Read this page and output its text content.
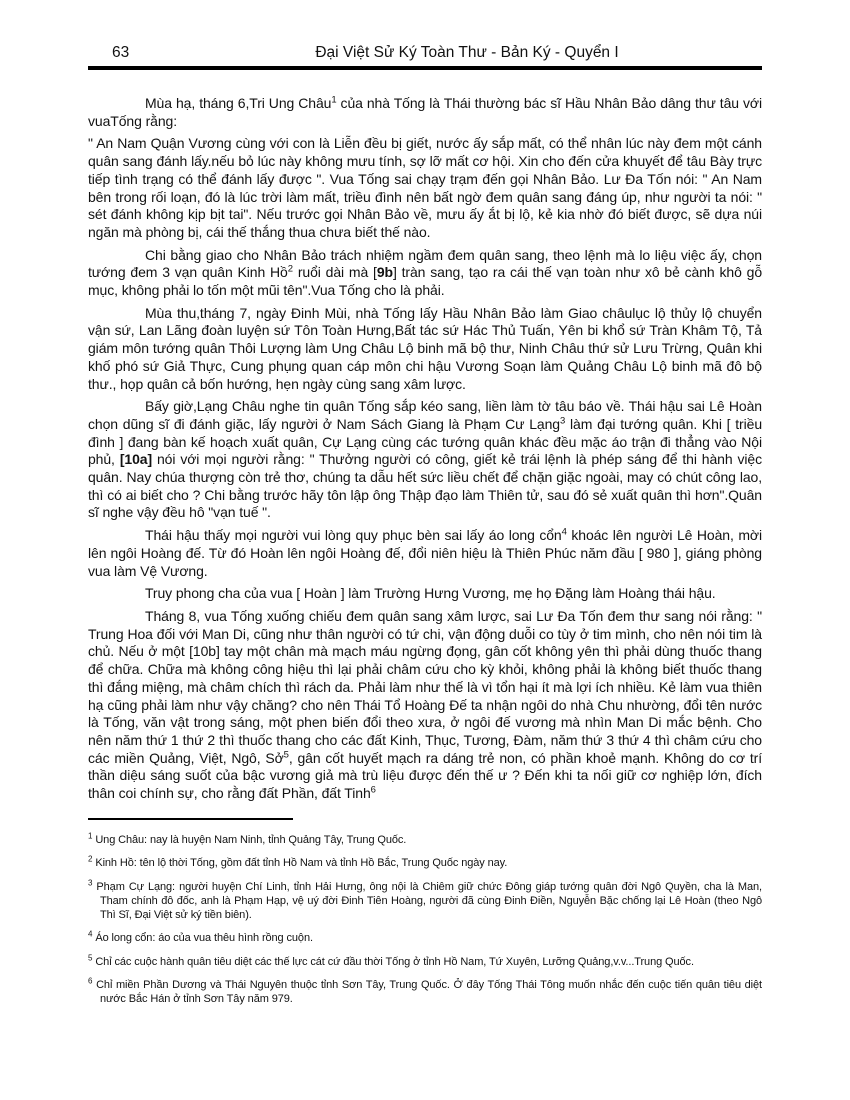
63	Đại Việt Sử Ký Toàn Thư - Bản Ký - Quyển I

Mùa hạ, tháng 6,Tri Ung Châu$^1$ của nhà Tống là Thái thường bác sĩ Hầu Nhân Bảo dâng thư tâu với vuaTống rằng:

" An Nam Quận Vương cùng với con là Liễn đều bị giết, nước ấy sắp mất, có thể nhân lúc này đem một cánh quân sang đánh lấy.nếu bỏ lúc này không mưu tính, sợ lỡ mất cơ hội. Xin cho đến cửa khuyết để tâu Bày trực tiếp tình trạng có thể đánh lấy được ". Vua Tống sai chạy trạm đến gọi Nhân Bảo. Lư Đa Tốn nói: " An Nam bên trong rối loạn, đó là lúc trời làm mất, triều đình nên bất ngờ đem quân sang đáng úp, như người ta nói: " sét đánh không kịp bịt tai". Nếu trước gọi Nhân Bảo về, mưu ấy ắt bị lộ, kẻ kia nhờ đó biết được, sẽ dựa núi ngăn mà phòng bị, cái thế thắng thua chưa biết thế nào.

Chi bằng giao cho Nhân Bảo trách nhiệm ngầm đem quân sang, theo lệnh mà lo liệu việc ấy, chọn tướng đem 3 vạn quân Kinh Hồ$^2$ ruổi dài mà [9b] tràn sang, tạo ra cái thế vạn toàn như xô bẻ cành khô gỗ mục, không phải lo tốn một mũi tên".Vua Tống cho là phải.

Mùa thu,tháng 7, ngày Đinh Mùi, nhà Tống lấy Hầu Nhân Bảo làm Giao châulục lộ thủy lộ chuyển vận sứ, Lan Lãng đoàn luyện sứ Tôn Toàn Hưng,Bất tác sứ Hác Thủ Tuấn, Yên bi khổ sứ Tràn Khâm Tộ, Tả giám môn tướng quân Thôi Lượng làm Ung Châu Lộ binh mã bộ thư, Ninh Châu thứ sử Lưu Trừng, Quân khi khố phó sứ Giả Thực, Cung phụng quan cáp môn chi hậu Vương Soạn làm Quảng Châu Lộ binh mã đô bộ thư., họp quân cả bốn hướng, hẹn ngày cùng sang xâm lược.

Bấy giờ,Lạng Châu nghe tin quân Tống sắp kéo sang, liền làm tờ tâu báo về. Thái hậu sai Lê Hoàn chọn dũng sĩ đi đánh giặc, lấy người ở Nam Sách Giang là Phạm Cư Lạng$^3$ làm đại tướng quân. Khi [ triều đình ] đang bàn kế hoạch xuất quân, Cự Lạng cùng các tướng quân khác đều mặc áo trận đi thẳng vào Nội phủ, [10a] nói với mọi người rằng: " Thưởng người có công, giết kẻ trái lệnh là phép sáng để thi hành việc quân. Nay chúa thượng còn trẻ thơ, chúng ta dẫu hết sức liều chết để chặn giặc ngoài, may có chút công lao, thì có ai biết cho ? Chi bằng trước hãy tôn lập ông Thập đạo làm Thiên tử, sau đó sẻ xuất quân thì hơn".Quân sĩ nghe vậy đều hô "vạn tuế ".

Thái hậu thấy mọi người vui lòng quy phục bèn sai lấy áo long cổn$^4$ khoác lên người Lê Hoàn, mời lên ngôi Hoàng đế. Từ đó Hoàn lên ngôi Hoàng đế, đổi niên hiệu là Thiên Phúc năm đầu [ 980 ], giáng phòng vua làm Vệ Vương.

Truy phong cha của vua [ Hoàn ] làm Trường Hưng Vương, mẹ họ Đặng làm Hoàng thái hậu.

Tháng 8, vua Tống xuống chiếu đem quân sang xâm lược, sai Lư Đa Tốn đem thư sang nói rằng: " Trung Hoa đối với Man Di, cũng như thân người có tứ chi, vận động duỗi co tùy ở tim mình, cho nên nói tim là chủ. Nếu ở một [10b] tay một chân mà mạch máu ngừng đọng, gân cốt không yên thì phải dùng thuốc thang để chữa. Chữa mà không công hiệu thì lại phải châm cứu cho kỳ khỏi, không phải là không biết thuốc thang thì đắng miệng, mà châm chích thì rách da. Phải làm như thế là vì tổn hại ít mà lợi ích nhiều. Kẻ làm vua thiên hạ cũng phải làm như vậy chăng? cho nên Thái Tổ Hoàng Đế ta nhận ngôi do nhà Chu nhường, đổi tên nước là Tống, văn vật trong sáng, một phen biến đổi theo xưa, ở ngôi đế vương mà nhìn Man Di mắc bệnh. Cho nên năm thứ 1 thứ 2 thì thuốc thang cho các đất Kinh, Thục, Tương, Đàm, năm thứ 3 thứ 4 thì châm cứu cho các miền Quảng, Việt, Ngô, Sở$^5$, gân cốt huyết mạch ra dáng trẻ non, có phần khoẻ mạnh. Không do cơ trí thần diệu sáng suốt của bậc vương giả mà trù liệu được đến thế ư ? Đến khi ta nối giữ cơ nghiệp lớn, đích thân coi chính sự, cho rằng đất Phần, đất Tinh$^6$

$^1$ Ung Châu: nay là huyện Nam Ninh, tỉnh Quảng Tây, Trung Quốc.
$^2$ Kinh Hồ: tên lộ thời Tống, gồm đất tỉnh Hồ Nam và tỉnh Hồ Bắc, Trung Quốc ngày nay.
$^3$ Phạm Cự Lạng: người huyện Chí Linh, tỉnh Hải Hưng, ông nội là Chiêm giữ chức Đông giáp tướng quân đời Ngô Quyền, cha là Man, Tham chính đô đốc, anh là Phạm Hạp, vệ uý đời Đinh Tiên Hoàng, người đã cùng Đinh Điền, Nguyễn Bặc chống lại Lê Hoàn (theo Ngô Thì Sĩ, Đại Việt sử ký tiền biên).
$^4$ Áo long cổn: áo của vua thêu hình rồng cuộn.
$^5$ Chỉ các cuộc hành quân tiêu diệt các thế lực cát cứ đầu thời Tống ở tỉnh Hồ Nam, Tứ Xuyên, Lưỡng Quảng,v.v...Trung Quốc.
$^6$ Chỉ miền Phần Dương và Thái Nguyên thuộc tỉnh Sơn Tây, Trung Quốc. Ở đây Tống Thái Tông muốn nhắc đến cuộc tiến quân tiêu diệt nước Bắc Hán ở tỉnh Sơn Tây năm 979.
